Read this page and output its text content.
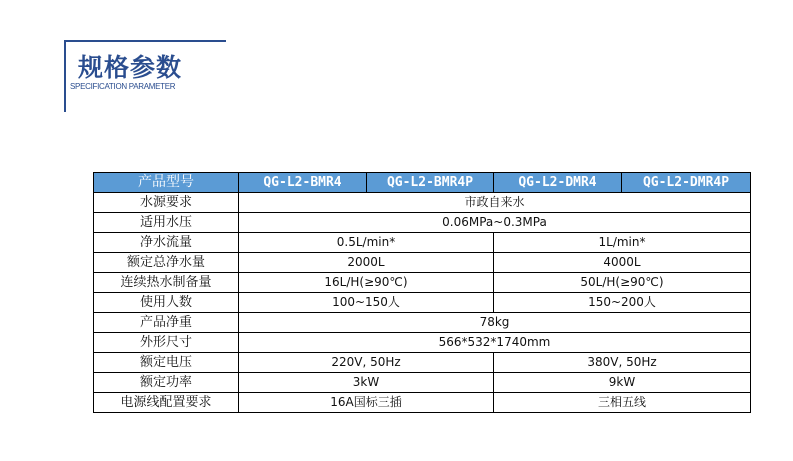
规格参数
SPECIFICATION PARAMETER
产品型号	QG-L2-BMR4	QG-L2-BMR4P	QG-L2-DMR4	QG-L2-DMR4P
水源要求	市政自来水			
适用水压	0.06MPa~0.3MPa			
净水流量	0.5L/min*		1L/min*	
额定总净水量	2000L		4000L	
连续热水制备量	16L/H(≥90℃)		50L/H(≥90℃)	
使用人数	100~150人		150~200人	
产品净重	78kg			
外形尺寸	566*532*1740mm			
额定电压	220V, 50Hz		380V, 50Hz	
额定功率	3kW		9kW	
电源线配置要求	16A国标三插		三相五线	
